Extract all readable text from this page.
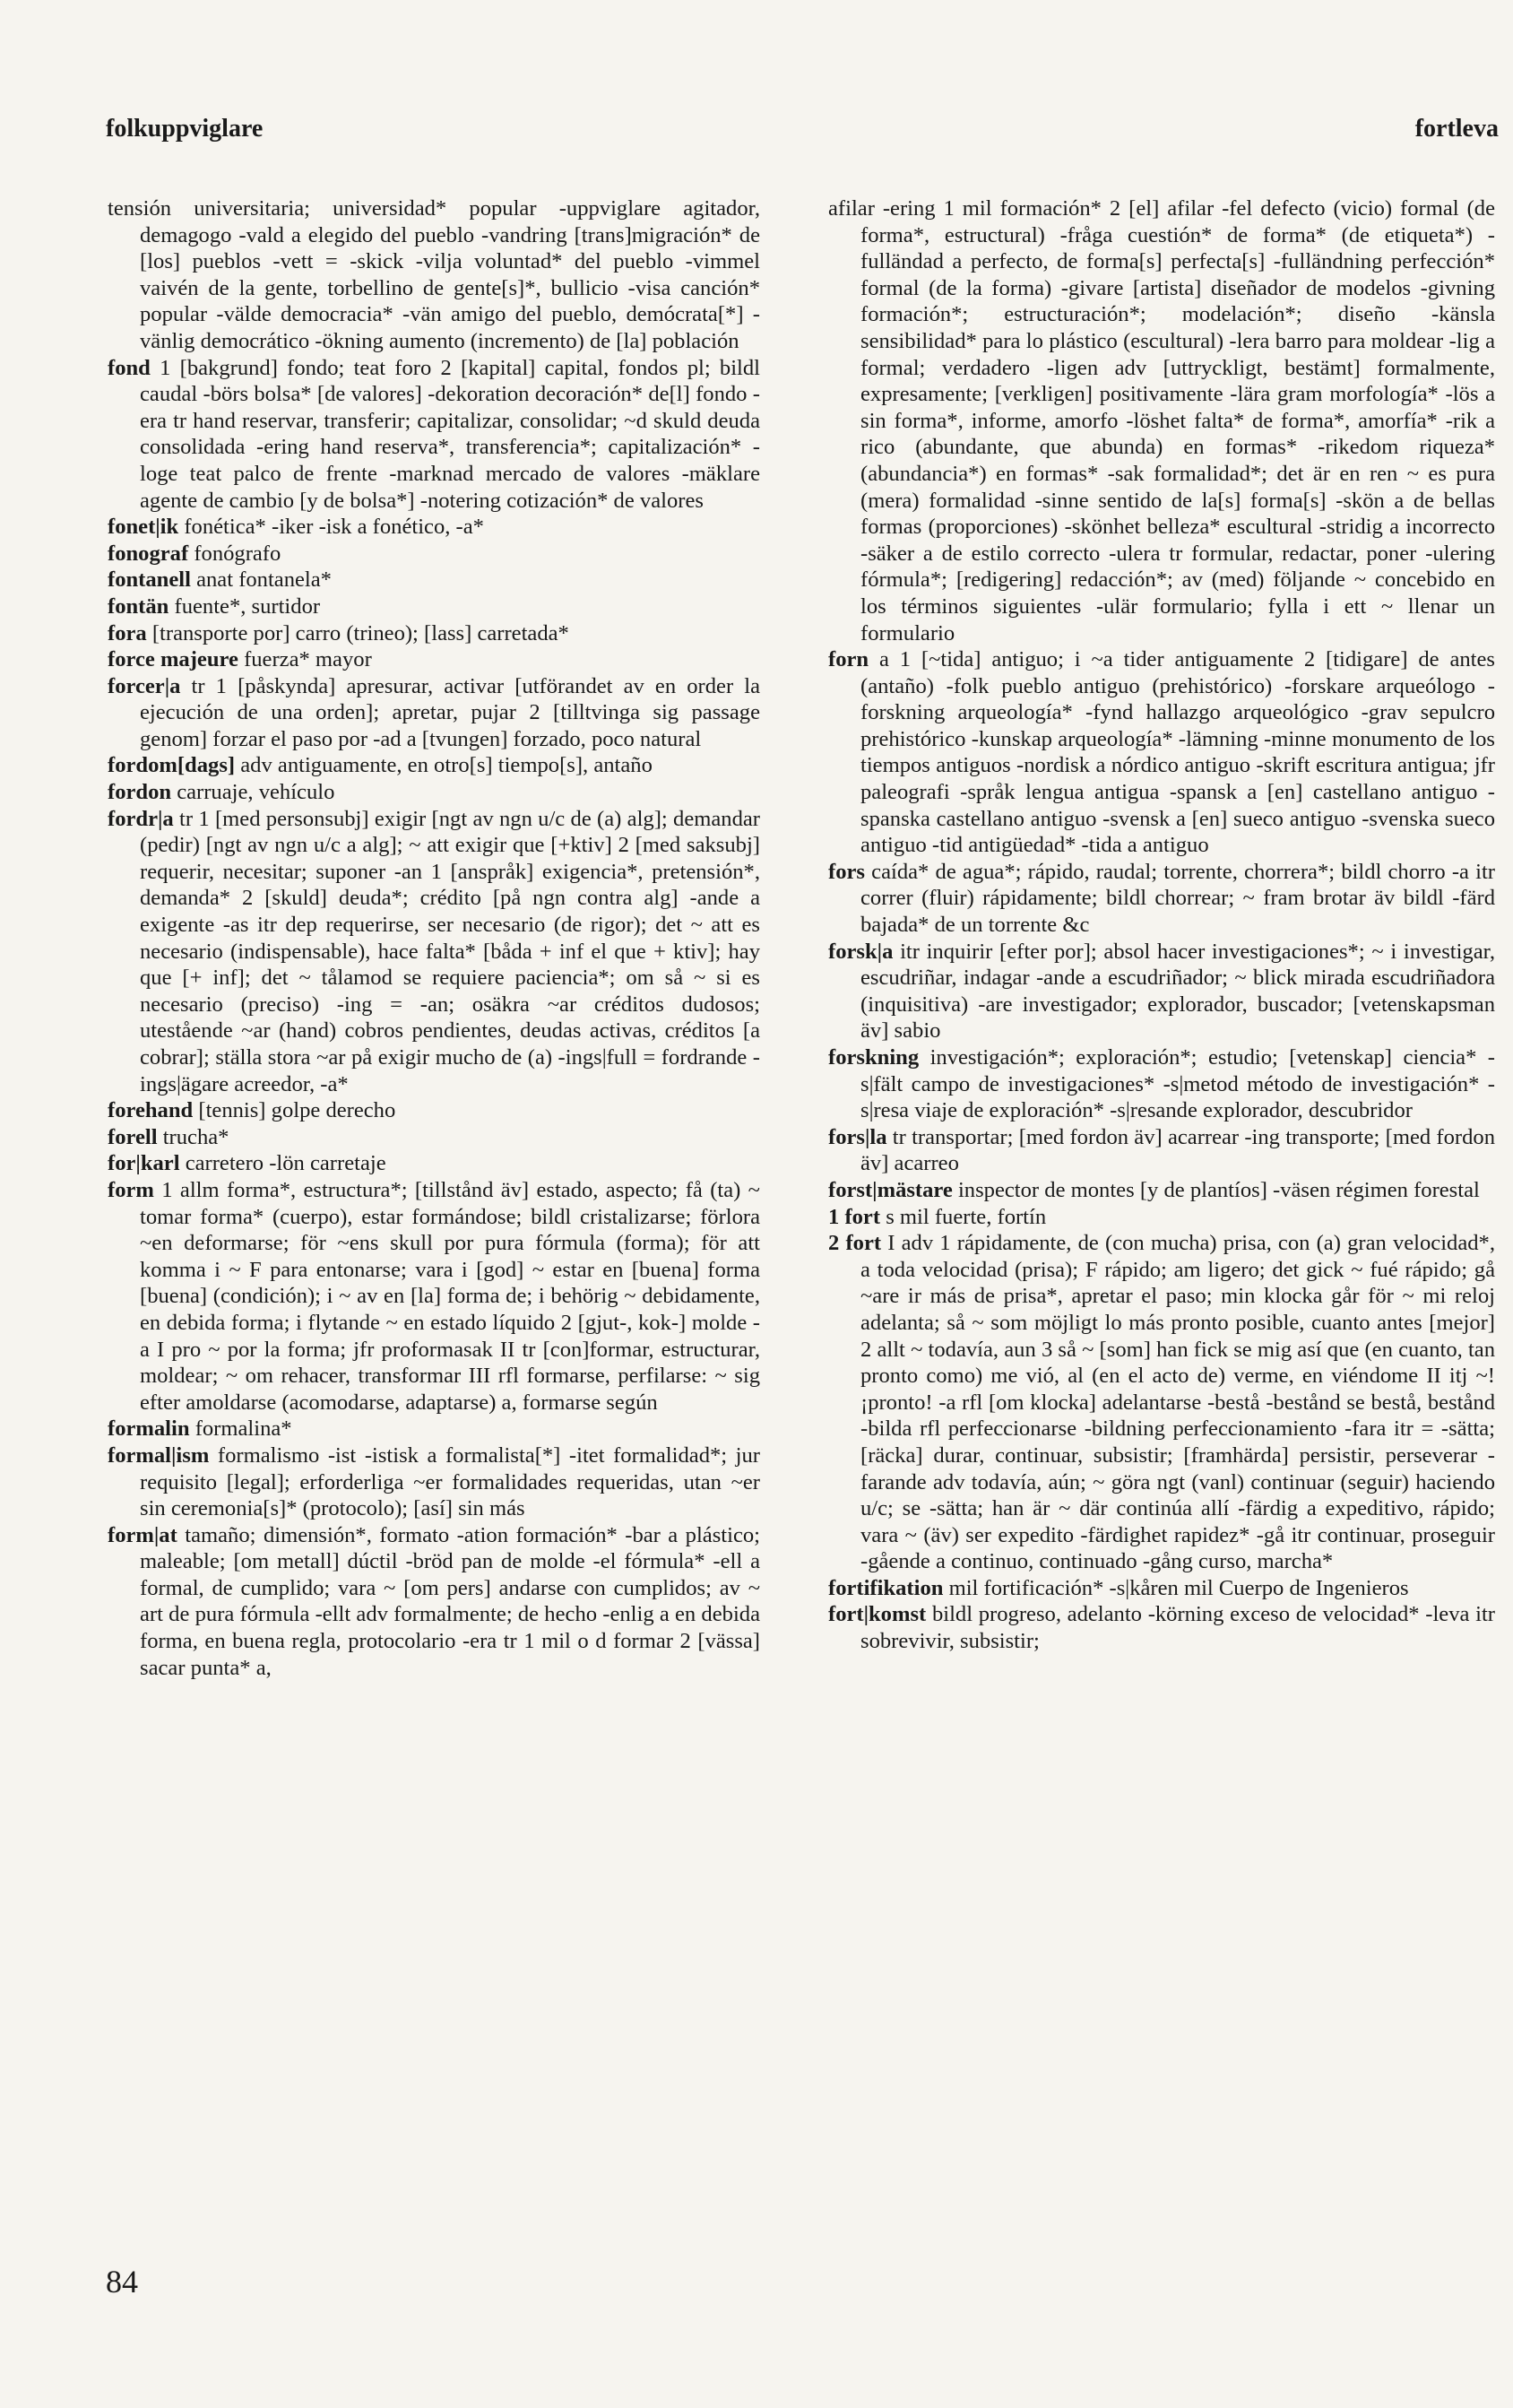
folkuppviglare	fortleva

tensión universitaria; universidad* popular -uppviglare agitador, demagogo -vald a elegido del pueblo -vandring [trans]migración* de [los] pueblos -vett = -skick -vilja voluntad* del pueblo -vimmel vaivén de la gente, torbellino de gente[s]*, bullicio -visa canción* popular -välde democracia* -vän amigo del pueblo, demócrata[*] -vänlig democrático -ökning aumento (incremento) de [la] población

fond 1 [bakgrund] fondo; teat foro 2 [kapital] capital, fondos pl; bildl caudal -börs bolsa* [de valores] -dekoration decoración* de[l] fondo -era tr hand reservar, transferir; capitalizar, consolidar; ~d skuld deuda consolidada -ering hand reserva*, transferencia*; capitalización* -loge teat palco de frente -marknad mercado de valores -mäklare agente de cambio [y de bolsa*] -notering cotización* de valores

fonet|ik fonética* -iker -isk a fonético, -a*

fonograf fonógrafo

fontanell anat fontanela*

fontän fuente*, surtidor

fora [transporte por] carro (trineo); [lass] carretada*

force majeure fuerza* mayor

forcer|a tr 1 [påskynda] apresurar, activar [utförandet av en order la ejecución de una orden]; apretar, pujar 2 [tilltvinga sig passage genom] forzar el paso por -ad a [tvungen] forzado, poco natural

fordom[dags] adv antiguamente, en otro[s] tiempo[s], antaño

fordon carruaje, vehículo

fordr|a tr 1 [med personsubj] exigir [ngt av ngn u/c de (a) alg]; demandar (pedir) [ngt av ngn u/c a alg]; ~ att exigir que [+ktiv] 2 [med saksubj] requerir, necesitar; suponer -an 1 [anspråk] exigencia*, pretensión*, demanda* 2 [skuld] deuda*; crédito [på ngn contra alg] -ande a exigente -as itr dep requerirse, ser necesario (de rigor); det ~ att es necesario (indispensable), hace falta* [båda + inf el que + ktiv]; hay que [+ inf]; det ~ tålamod se requiere paciencia*; om så ~ si es necesario (preciso) -ing = -an; osäkra ~ar créditos dudosos; utestående ~ar (hand) cobros pendientes, deudas activas, créditos [a cobrar]; ställa stora ~ar på exigir mucho de (a) -ings|full = fordrande -ings|ägare acreedor, -a*

forehand [tennis] golpe derecho

forell trucha*

for|karl carretero -lön carretaje

form 1 allm forma*, estructura*; [tillstånd äv] estado, aspecto; få (ta) ~ tomar forma* (cuerpo), estar formándose; bildl cristalizarse; förlora ~en deformarse; för ~ens skull por pura fórmula (forma); för att komma i ~ F para entonarse; vara i [god] ~ estar en [buena] forma [buena] (condición); i ~ av en [la] forma de; i behörig ~ debidamente, en debida forma; i flytande ~ en estado líquido 2 [gjut-, kok-] molde -a I pro ~ por la forma; jfr proformasak II tr [con]formar, estructurar, moldear; ~ om rehacer, transformar III rfl formarse, perfilarse: ~ sig efter amoldarse (acomodarse, adaptarse) a, formarse según

formalin formalina*

formal|ism formalismo -ist -istisk a formalista[*] -itet formalidad*; jur requisito [legal]; erforderliga ~er formalidades requeridas, utan ~er sin ceremonia[s]* (protocolo); [así] sin más

form|at tamaño; dimensión*, formato -ation formación* -bar a plástico; maleable; [om metall] dúctil -bröd pan de molde -el fórmula* -ell a formal, de cumplido; vara ~ [om pers] andarse con cumplidos; av ~ art de pura fórmula -ellt adv formalmente; de hecho -enlig a en debida forma, en buena regla, protocolario -era tr 1 mil o d formar 2 [vässa] sacar punta* a,

afilar -ering 1 mil formación* 2 [el] afilar -fel defecto (vicio) formal (de forma*, estructural) -fråga cuestión* de forma* (de etiqueta*) -fulländad a perfecto, de forma[s] perfecta[s] -fulländning perfección* formal (de la forma) -givare [artista] diseñador de modelos -givning formación*; estructuración*; modelación*; diseño -känsla sensibilidad* para lo plástico (escultural) -lera barro para moldear -lig a formal; verdadero -ligen adv [uttryckligt, bestämt] formalmente, expresamente; [verkligen] positivamente -lära gram morfología* -lös a sin forma*, informe, amorfo -löshet falta* de forma*, amorfía* -rik a rico (abundante, que abunda) en formas* -rikedom riqueza* (abundancia*) en formas* -sak formalidad*; det är en ren ~ es pura (mera) formalidad -sinne sentido de la[s] forma[s] -skön a de bellas formas (proporciones) -skönhet belleza* escultural -stridig a incorrecto -säker a de estilo correcto -ulera tr formular, redactar, poner -ulering fórmula*; [redigering] redacción*; av (med) följande ~ concebido en los términos siguientes -ulär formulario; fylla i ett ~ llenar un formulario

forn a 1 [~tida] antiguo; i ~a tider antiguamente 2 [tidigare] de antes (antaño) -folk pueblo antiguo (prehistórico) -forskare arqueólogo -forskning arqueología* -fynd hallazgo arqueológico -grav sepulcro prehistórico -kunskap arqueología* -lämning -minne monumento de los tiempos antiguos -nordisk a nórdico antiguo -skrift escritura antigua; jfr paleografi -språk lengua antigua -spansk a [en] castellano antiguo -spanska castellano antiguo -svensk a [en] sueco antiguo -svenska sueco antiguo -tid antigüedad* -tida a antiguo

fors caída* de agua*; rápido, raudal; torrente, chorrera*; bildl chorro -a itr correr (fluir) rápidamente; bildl chorrear; ~ fram brotar äv bildl -färd bajada* de un torrente &c

forsk|a itr inquirir [efter por]; absol hacer investigaciones*; ~ i investigar, escudriñar, indagar -ande a escudriñador; ~ blick mirada escudriñadora (inquisitiva) -are investigador; explorador, buscador; [vetenskapsman äv] sabio

forskning investigación*; exploración*; estudio; [vetenskap] ciencia* -s|fält campo de investigaciones* -s|metod método de investigación* -s|resa viaje de exploración* -s|resande explorador, descubridor

fors|la tr transportar; [med fordon äv] acarrear -ing transporte; [med fordon äv] acarreo

forst|mästare inspector de montes [y de plantíos] -väsen régimen forestal

1 fort s mil fuerte, fortín

2 fort I adv 1 rápidamente, de (con mucha) prisa, con (a) gran velocidad*, a toda velocidad (prisa); F rápido; am ligero; det gick ~ fué rápido; gå ~are ir más de prisa*, apretar el paso; min klocka går för ~ mi reloj adelanta; så ~ som möjligt lo más pronto posible, cuanto antes [mejor] 2 allt ~ todavía, aun 3 så ~ [som] han fick se mig así que (en cuanto, tan pronto como) me vió, al (en el acto de) verme, en viéndome II itj ~! ¡pronto! -a rfl [om klocka] adelantarse -bestå -bestånd se bestå, bestånd -bilda rfl perfeccionarse -bildning perfeccionamiento -fara itr = -sätta; [räcka] durar, continuar, subsistir; [framhärda] persistir, perseverar -farande adv todavía, aún; ~ göra ngt (vanl) continuar (seguir) haciendo u/c; se -sätta; han är ~ där continúa allí -färdig a expeditivo, rápido; vara ~ (äv) ser expedito -färdighet rapidez* -gå itr continuar, proseguir -gående a continuo, continuado -gång curso, marcha*

fortifikation mil fortificación* -s|kåren mil Cuerpo de Ingenieros

fort|komst bildl progreso, adelanto -körning exceso de velocidad* -leva itr sobrevivir, subsistir;

84
